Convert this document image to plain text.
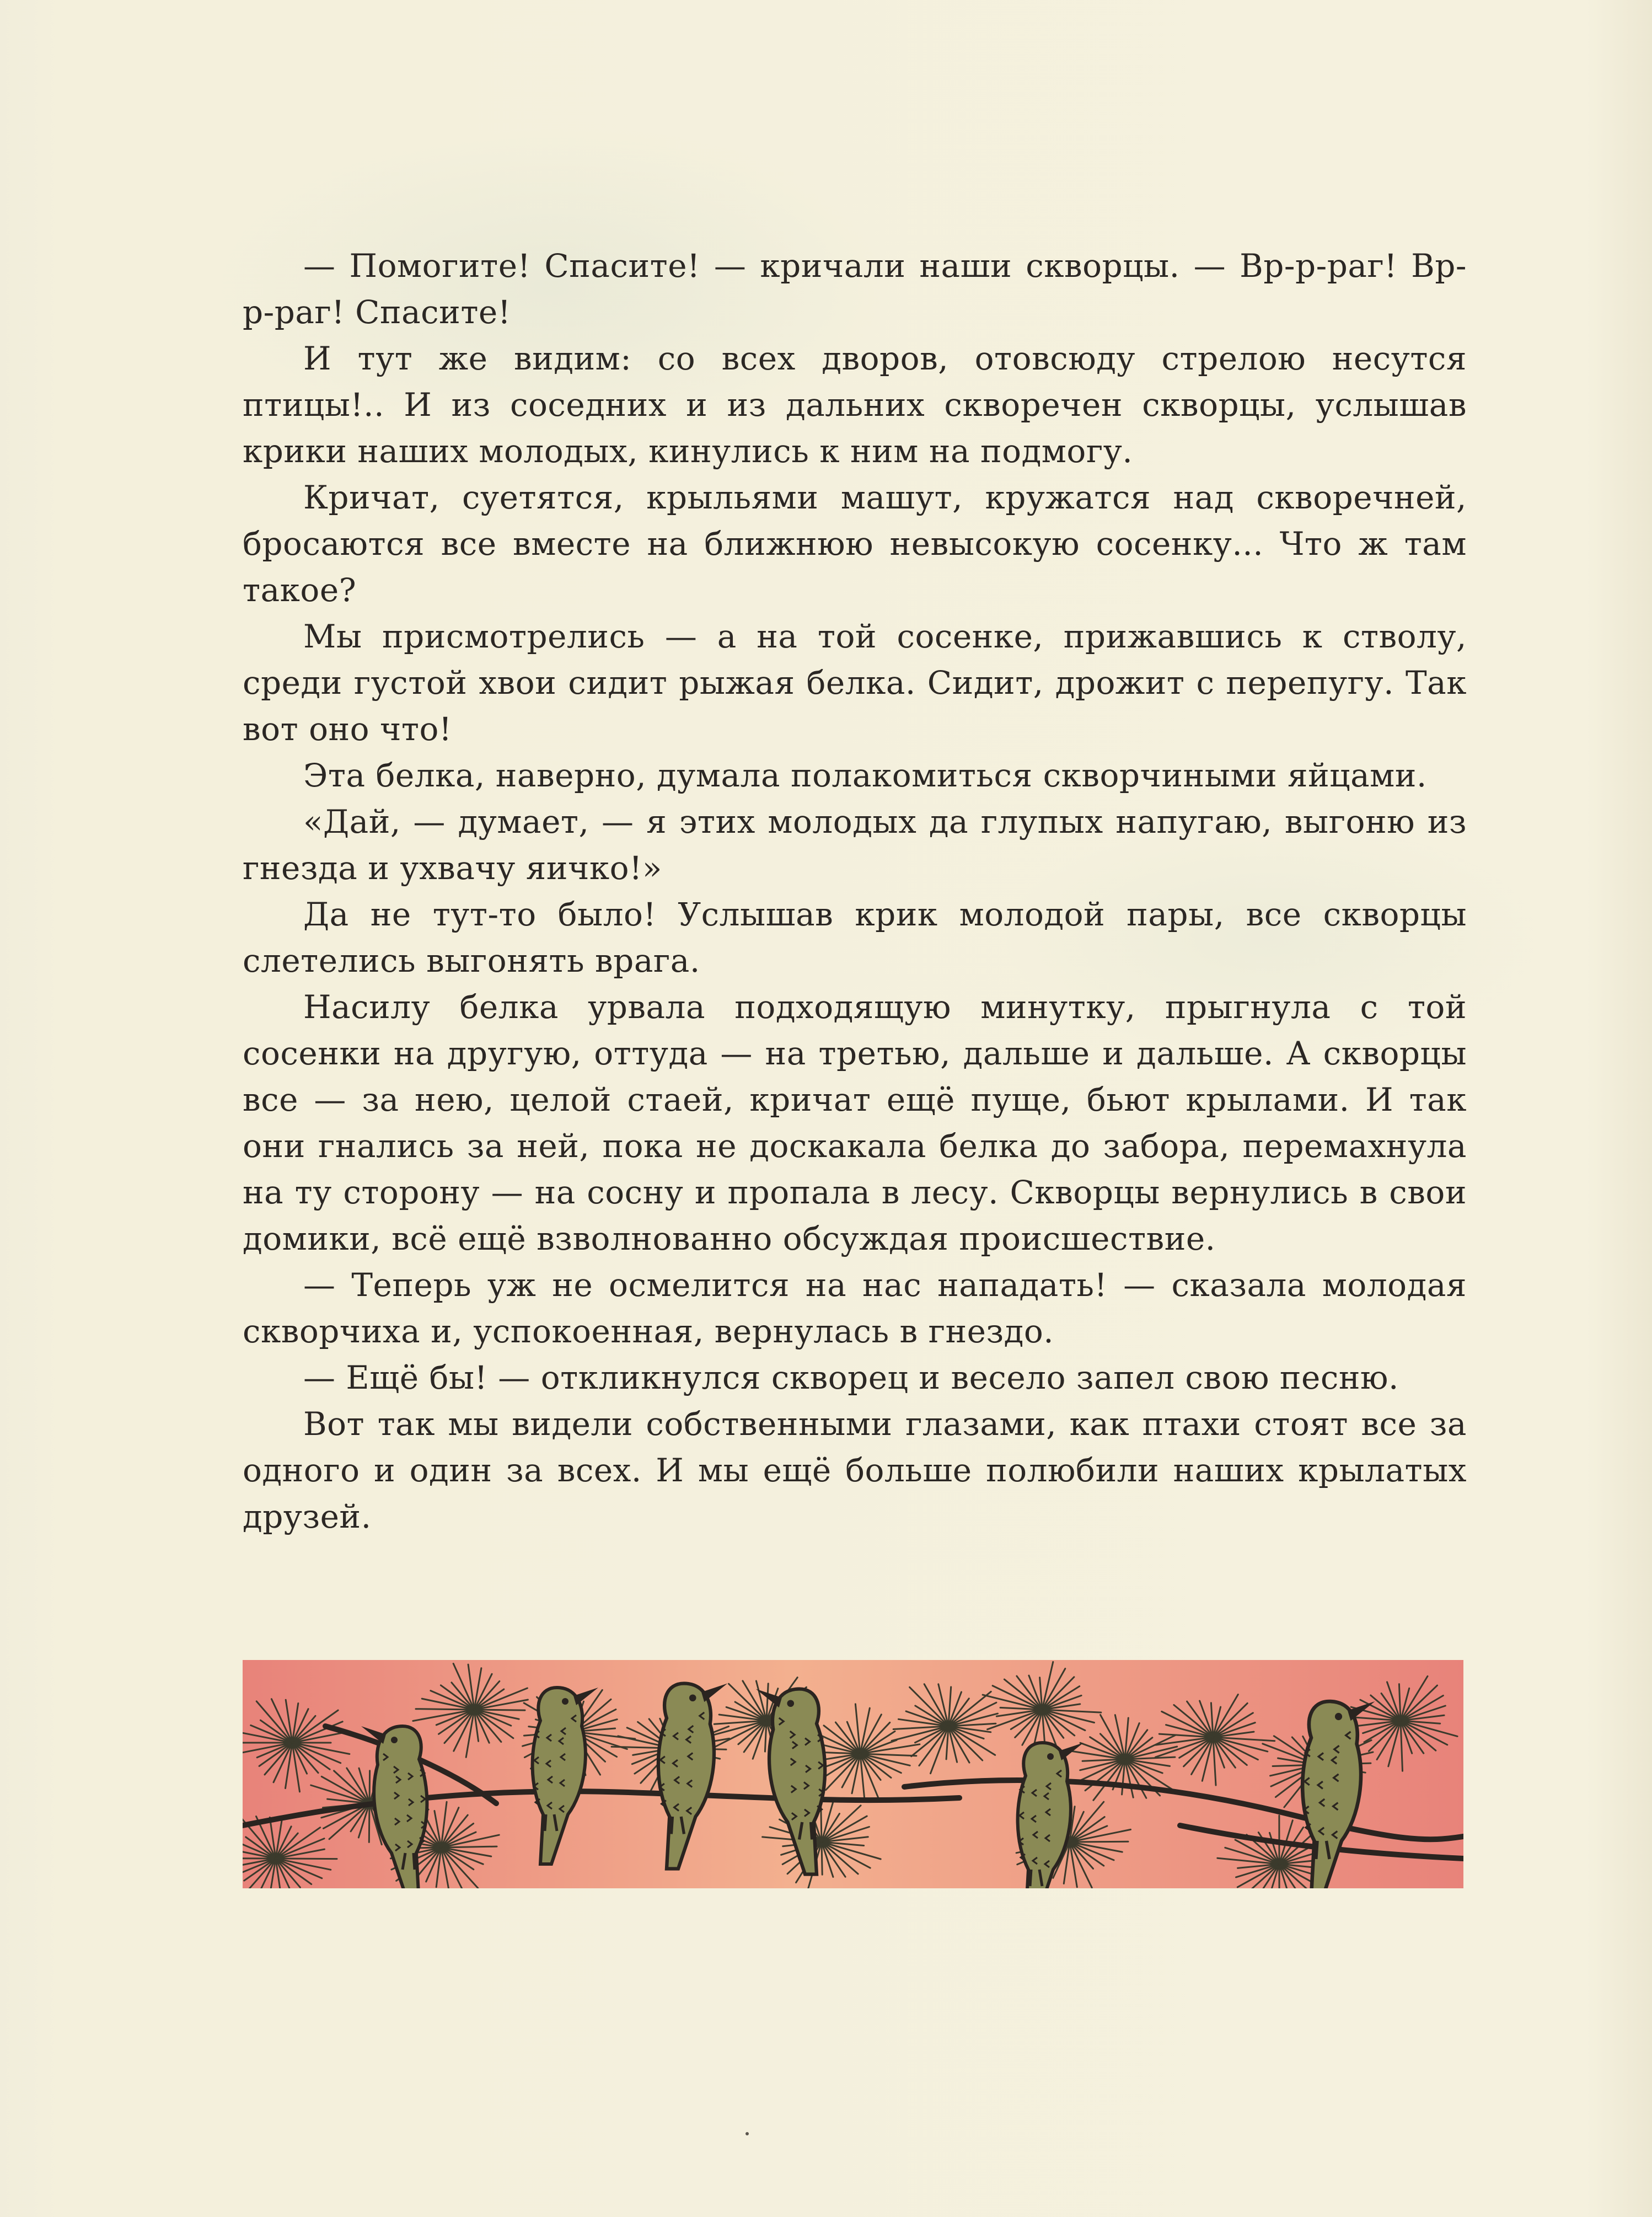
— Помогите! Спасите! — кричали наши скворцы. — Вр-р-раг! Вр-р-раг! Спасите!

И тут же видим: со всех дворов, отовсюду стрелою несутся птицы!.. И из соседних и из дальних скворечен скворцы, услышав крики наших молодых, кинулись к ним на подмогу.

Кричат, суетятся, крыльями машут, кружатся над скворечней, бросаются все вместе на ближнюю невысокую сосенку... Что ж там такое?

Мы присмотрелись — а на той сосенке, прижавшись к стволу, среди густой хвои сидит рыжая белка. Сидит, дрожит с перепугу. Так вот оно что!

Эта белка, наверно, думала полакомиться скворчиными яйцами.

«Дай, — думает, — я этих молодых да глупых напугаю, выгоню из гнезда и ухвачу яичко!»

Да не тут-то было! Услышав крик молодой пары, все скворцы слетелись выгонять врага.

Насилу белка урвала подходящую минутку, прыгнула с той сосенки на другую, оттуда — на третью, дальше и дальше. А скворцы все — за нею, целой стаей, кричат ещё пуще, бьют крылами. И так они гнались за ней, пока не доскакала белка до забора, перемахнула на ту сторону — на сосну и пропала в лесу. Скворцы вернулись в свои домики, всё ещё взволнованно обсуждая происшествие.

— Теперь уж не осмелится на нас нападать! — сказала молодая скворчиха и, успокоенная, вернулась в гнездо.

— Ещё бы! — откликнулся скворец и весело запел свою песню.

Вот так мы видели собственными глазами, как птахи стоят все за одного и один за всех. И мы ещё больше полюбили наших крылатых друзей.
